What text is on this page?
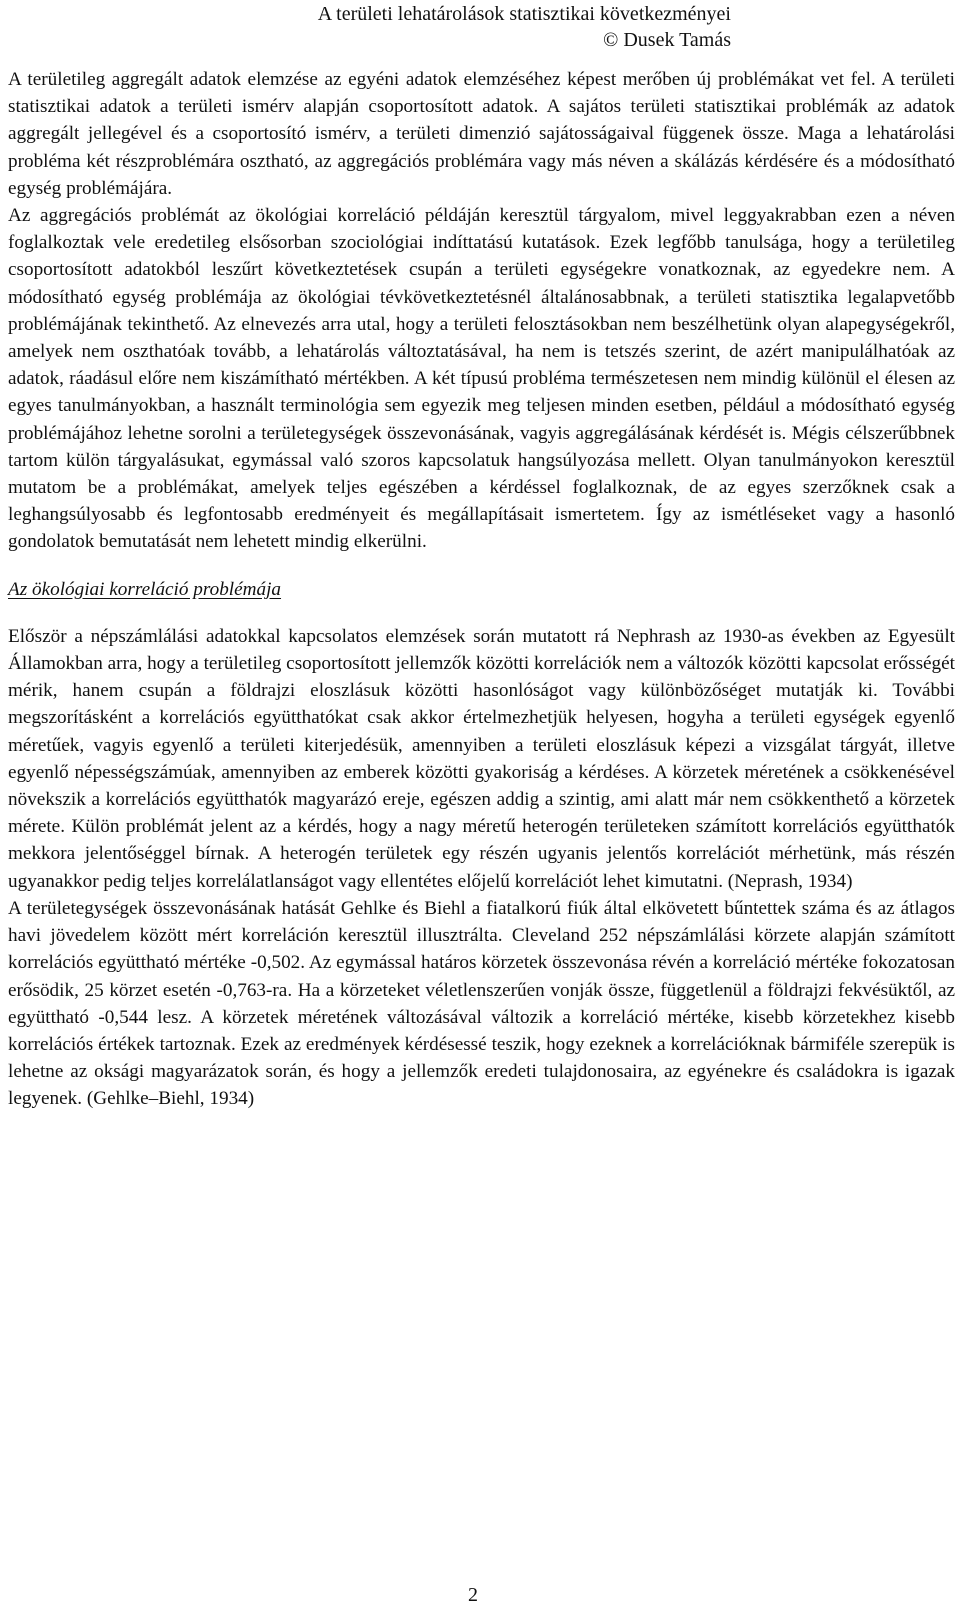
A területi lehatárolások statisztikai következményei
© Dusek Tamás

A területileg aggregált adatok elemzése az egyéni adatok elemzéséhez képest merőben új problémákat vet fel. A területi statisztikai adatok a területi ismérv alapján csoportosított adatok. A sajátos területi statisztikai problémák az adatok aggregált jellegével és a csoportosító ismérv, a területi dimenzió sajátosságaival függenek össze. Maga a lehatárolási probléma két részproblémára osztható, az aggregációs problémára vagy más néven a skálázás kérdésére és a módosítható egység problémájára.

Az aggregációs problémát az ökológiai korreláció példáján keresztül tárgyalom, mivel leggyakrabban ezen a néven foglalkoztak vele eredetileg elsősorban szociológiai indíttatású kutatások. Ezek legfőbb tanulsága, hogy a területileg csoportosított adatokból leszűrt következtetések csupán a területi egységekre vonatkoznak, az egyedekre nem. A módosítható egység problémája az ökológiai tévkövetkeztetésnél általánosabbnak, a területi statisztika legalapvetőbb problémájának tekinthető. Az elnevezés arra utal, hogy a területi felosztásokban nem beszélhetünk olyan alapegységekről, amelyek nem oszthatóak tovább, a lehatárolás változtatásával, ha nem is tetszés szerint, de azért manipulálhatóak az adatok, ráadásul előre nem kiszámítható mértékben. A két típusú probléma természetesen nem mindig különül el élesen az egyes tanulmányokban, a használt terminológia sem egyezik meg teljesen minden esetben, például a módosítható egység problémájához lehetne sorolni a területegységek összevonásának, vagyis aggregálásának kérdését is. Mégis célszerűbbnek tartom külön tárgyalásukat, egymással való szoros kapcsolatuk hangsúlyozása mellett. Olyan tanulmányokon keresztül mutatom be a problémákat, amelyek teljes egészében a kérdéssel foglalkoznak, de az egyes szerzőknek csak a leghangsúlyosabb és legfontosabb eredményeit és megállapításait ismertetem. Így az ismétléseket vagy a hasonló gondolatok bemutatását nem lehetett mindig elkerülni.

Az ökológiai korreláció problémája

Először a népszámlálási adatokkal kapcsolatos elemzések során mutatott rá Nephrash az 1930-as években az Egyesült Államokban arra, hogy a területileg csoportosított jellemzők közötti korrelációk nem a változók közötti kapcsolat erősségét mérik, hanem csupán a földrajzi eloszlásuk közötti hasonlóságot vagy különbözőséget mutatják ki. További megszorításként a korrelációs együtthatókat csak akkor értelmezhetjük helyesen, hogyha a területi egységek egyenlő méretűek, vagyis egyenlő a területi kiterjedésük, amennyiben a területi eloszlásuk képezi a vizsgálat tárgyát, illetve egyenlő népességszámúak, amennyiben az emberek közötti gyakoriság a kérdéses. A körzetek méretének a csökkenésével növekszik a korrelációs együtthatók magyarázó ereje, egészen addig a szintig, ami alatt már nem csökkenthető a körzetek mérete. Külön problémát jelent az a kérdés, hogy a nagy méretű heterogén területeken számított korrelációs együtthatók mekkora jelentőséggel bírnak. A heterogén területek egy részén ugyanis jelentős korrelációt mérhetünk, más részén ugyanakkor pedig teljes korrelálatlanságot vagy ellentétes előjelű korrelációt lehet kimutatni. (Neprash, 1934)

A területegységek összevonásának hatását Gehlke és Biehl a fiatalkorú fiúk által elkövetett bűntettek száma és az átlagos havi jövedelem között mért korreláción keresztül illusztrálta. Cleveland 252 népszámlálási körzete alapján számított korrelációs együttható mértéke -0,502. Az egymással határos körzetek összevonása révén a korreláció mértéke fokozatosan erősödik, 25 körzet esetén -0,763-ra. Ha a körzeteket véletlenszerűen vonják össze, függetlenül a földrajzi fekvésüktől, az együttható -0,544 lesz. A körzetek méretének változásával változik a korreláció mértéke, kisebb körzetekhez kisebb korrelációs értékek tartoznak. Ezek az eredmények kérdésessé teszik, hogy ezeknek a korrelációknak bármiféle szerepük is lehetne az oksági magyarázatok során, és hogy a jellemzők eredeti tulajdonosaira, az egyénekre és családokra is igazak legyenek. (Gehlke–Biehl, 1934)

2
